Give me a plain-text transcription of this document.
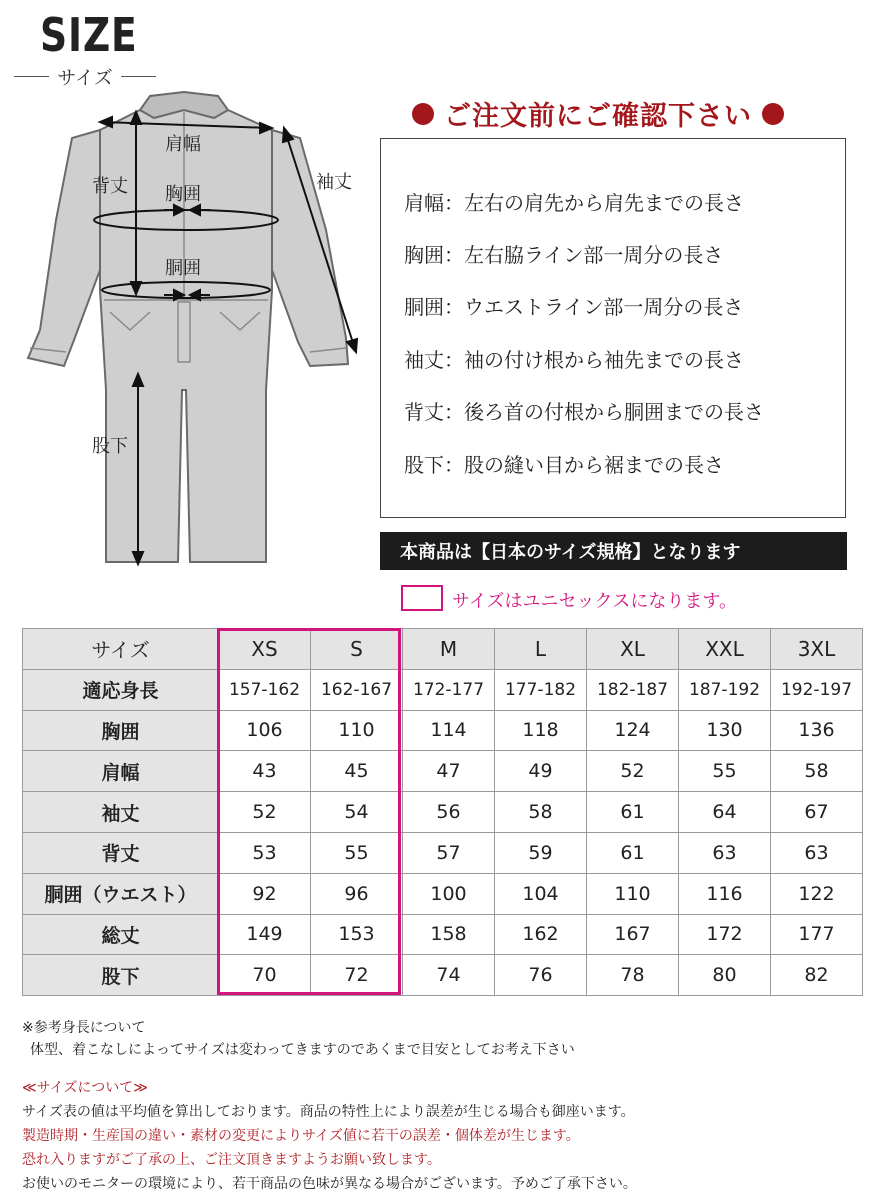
SIZE
サイズ
肩幅
背丈 胸囲
袖丈
胴囲
股下
ご注文前にご確認下さい
肩幅：左右の肩先から肩先までの長さ
胸囲：左右脇ライン部一周分の長さ
胴囲：ウエストライン部一周分の長さ
袖丈：袖の付け根から袖先までの長さ
背丈：後ろ首の付根から胴囲までの長さ
股下：股の縫い目から裾までの長さ
本商品は【日本のサイズ規格】となります
サイズはユニセックスになります。
サイズ	XS	S	M	L	XL	XXL	3XL
適応身長	157-162	162-167	172-177	177-182	182-187	187-192	192-197
胸囲	106	110	114	118	124	130	136
肩幅	43	45	47	49	52	55	58
袖丈	52	54	56	58	61	64	67
背丈	53	55	57	59	61	63	63
胴囲（ウエスト）	92	96	100	104	110	116	122
総丈	149	153	158	162	167	172	177
股下	70	72	74	76	78	80	82
※参考身長について
体型、着こなしによってサイズは変わってきますのであくまで目安としてお考え下さい
≪サイズについて≫
サイズ表の値は平均値を算出しております。商品の特性上により誤差が生じる場合も御座います。
製造時期・生産国の違い・素材の変更によりサイズ値に若干の誤差・個体差が生じます。
恐れ入りますがご了承の上、ご注文頂きますようお願い致します。
お使いのモニターの環境により、若干商品の色味が異なる場合がございます。予めご了承下さい。
